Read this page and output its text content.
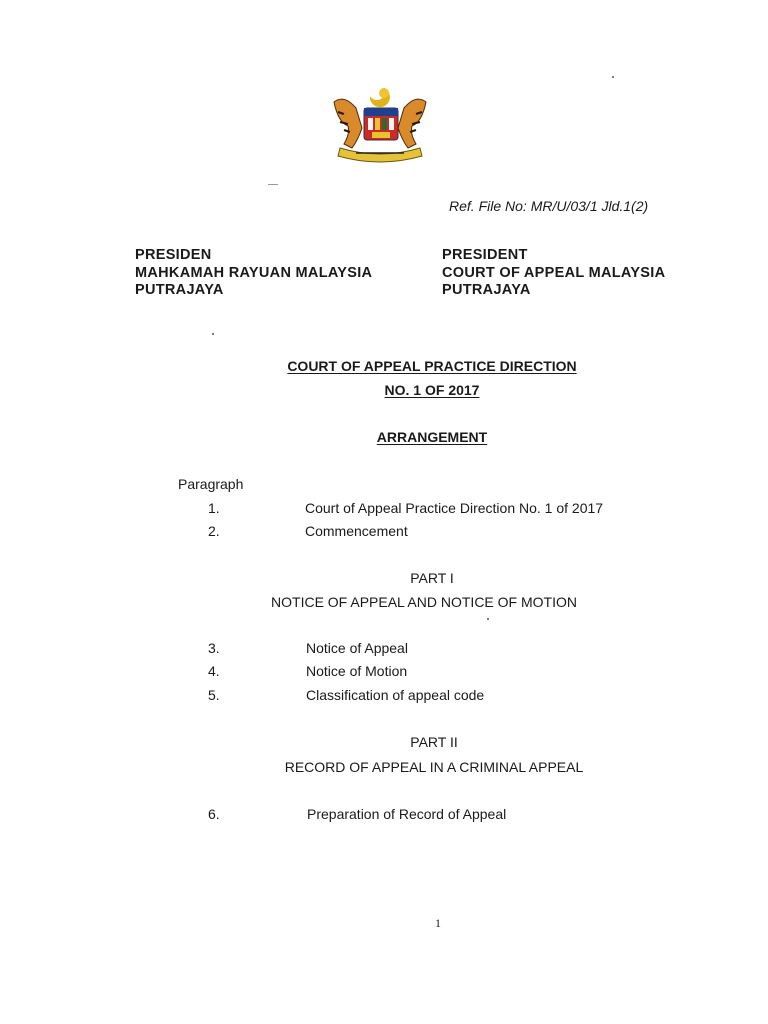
Ref. File No: MR/U/03/1 Jld.1(2)
PRESIDEN
MAHKAMAH RAYUAN MALAYSIA
PUTRAJAYA
PRESIDENT
COURT OF APPEAL MALAYSIA
PUTRAJAYA
COURT OF APPEAL PRACTICE DIRECTION
NO. 1 OF 2017
ARRANGEMENT
Paragraph
1.	Court of Appeal Practice Direction No. 1 of 2017
2.	Commencement
PART I
NOTICE OF APPEAL AND NOTICE OF MOTION
3.	Notice of Appeal
4.	Notice of Motion
5.	Classification of appeal code
PART II
RECORD OF APPEAL IN A CRIMINAL APPEAL
6.	Preparation of Record of Appeal
1
